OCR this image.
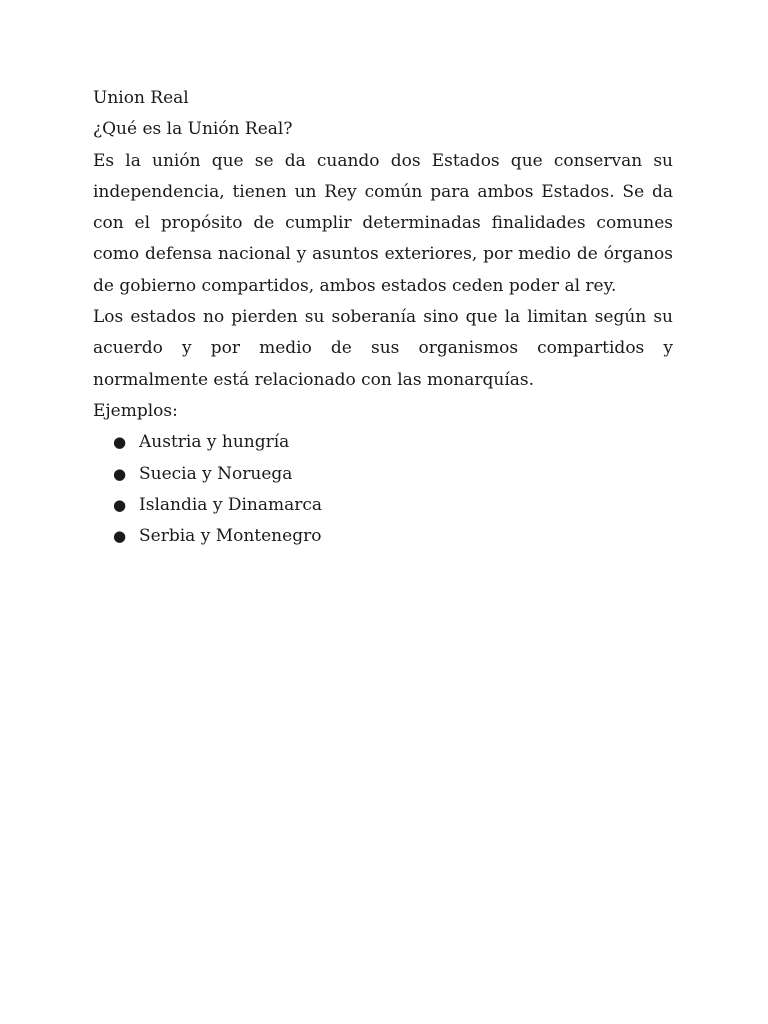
Union Real
¿Qué es la Unión Real?

Es la unión que se da cuando dos Estados que conservan su independencia, tienen un Rey común para ambos Estados. Se da con el propósito de cumplir determinadas finalidades comunes como defensa nacional y asuntos exteriores, por medio de órganos de gobierno compartidos, ambos estados ceden poder al rey.

Los estados no pierden su soberanía sino que la limitan según su acuerdo y por medio de sus organismos compartidos y normalmente está relacionado con las monarquías.

Ejemplos:
● Austria y hungría
● Suecia y Noruega
● Islandia y Dinamarca
● Serbia y Montenegro
